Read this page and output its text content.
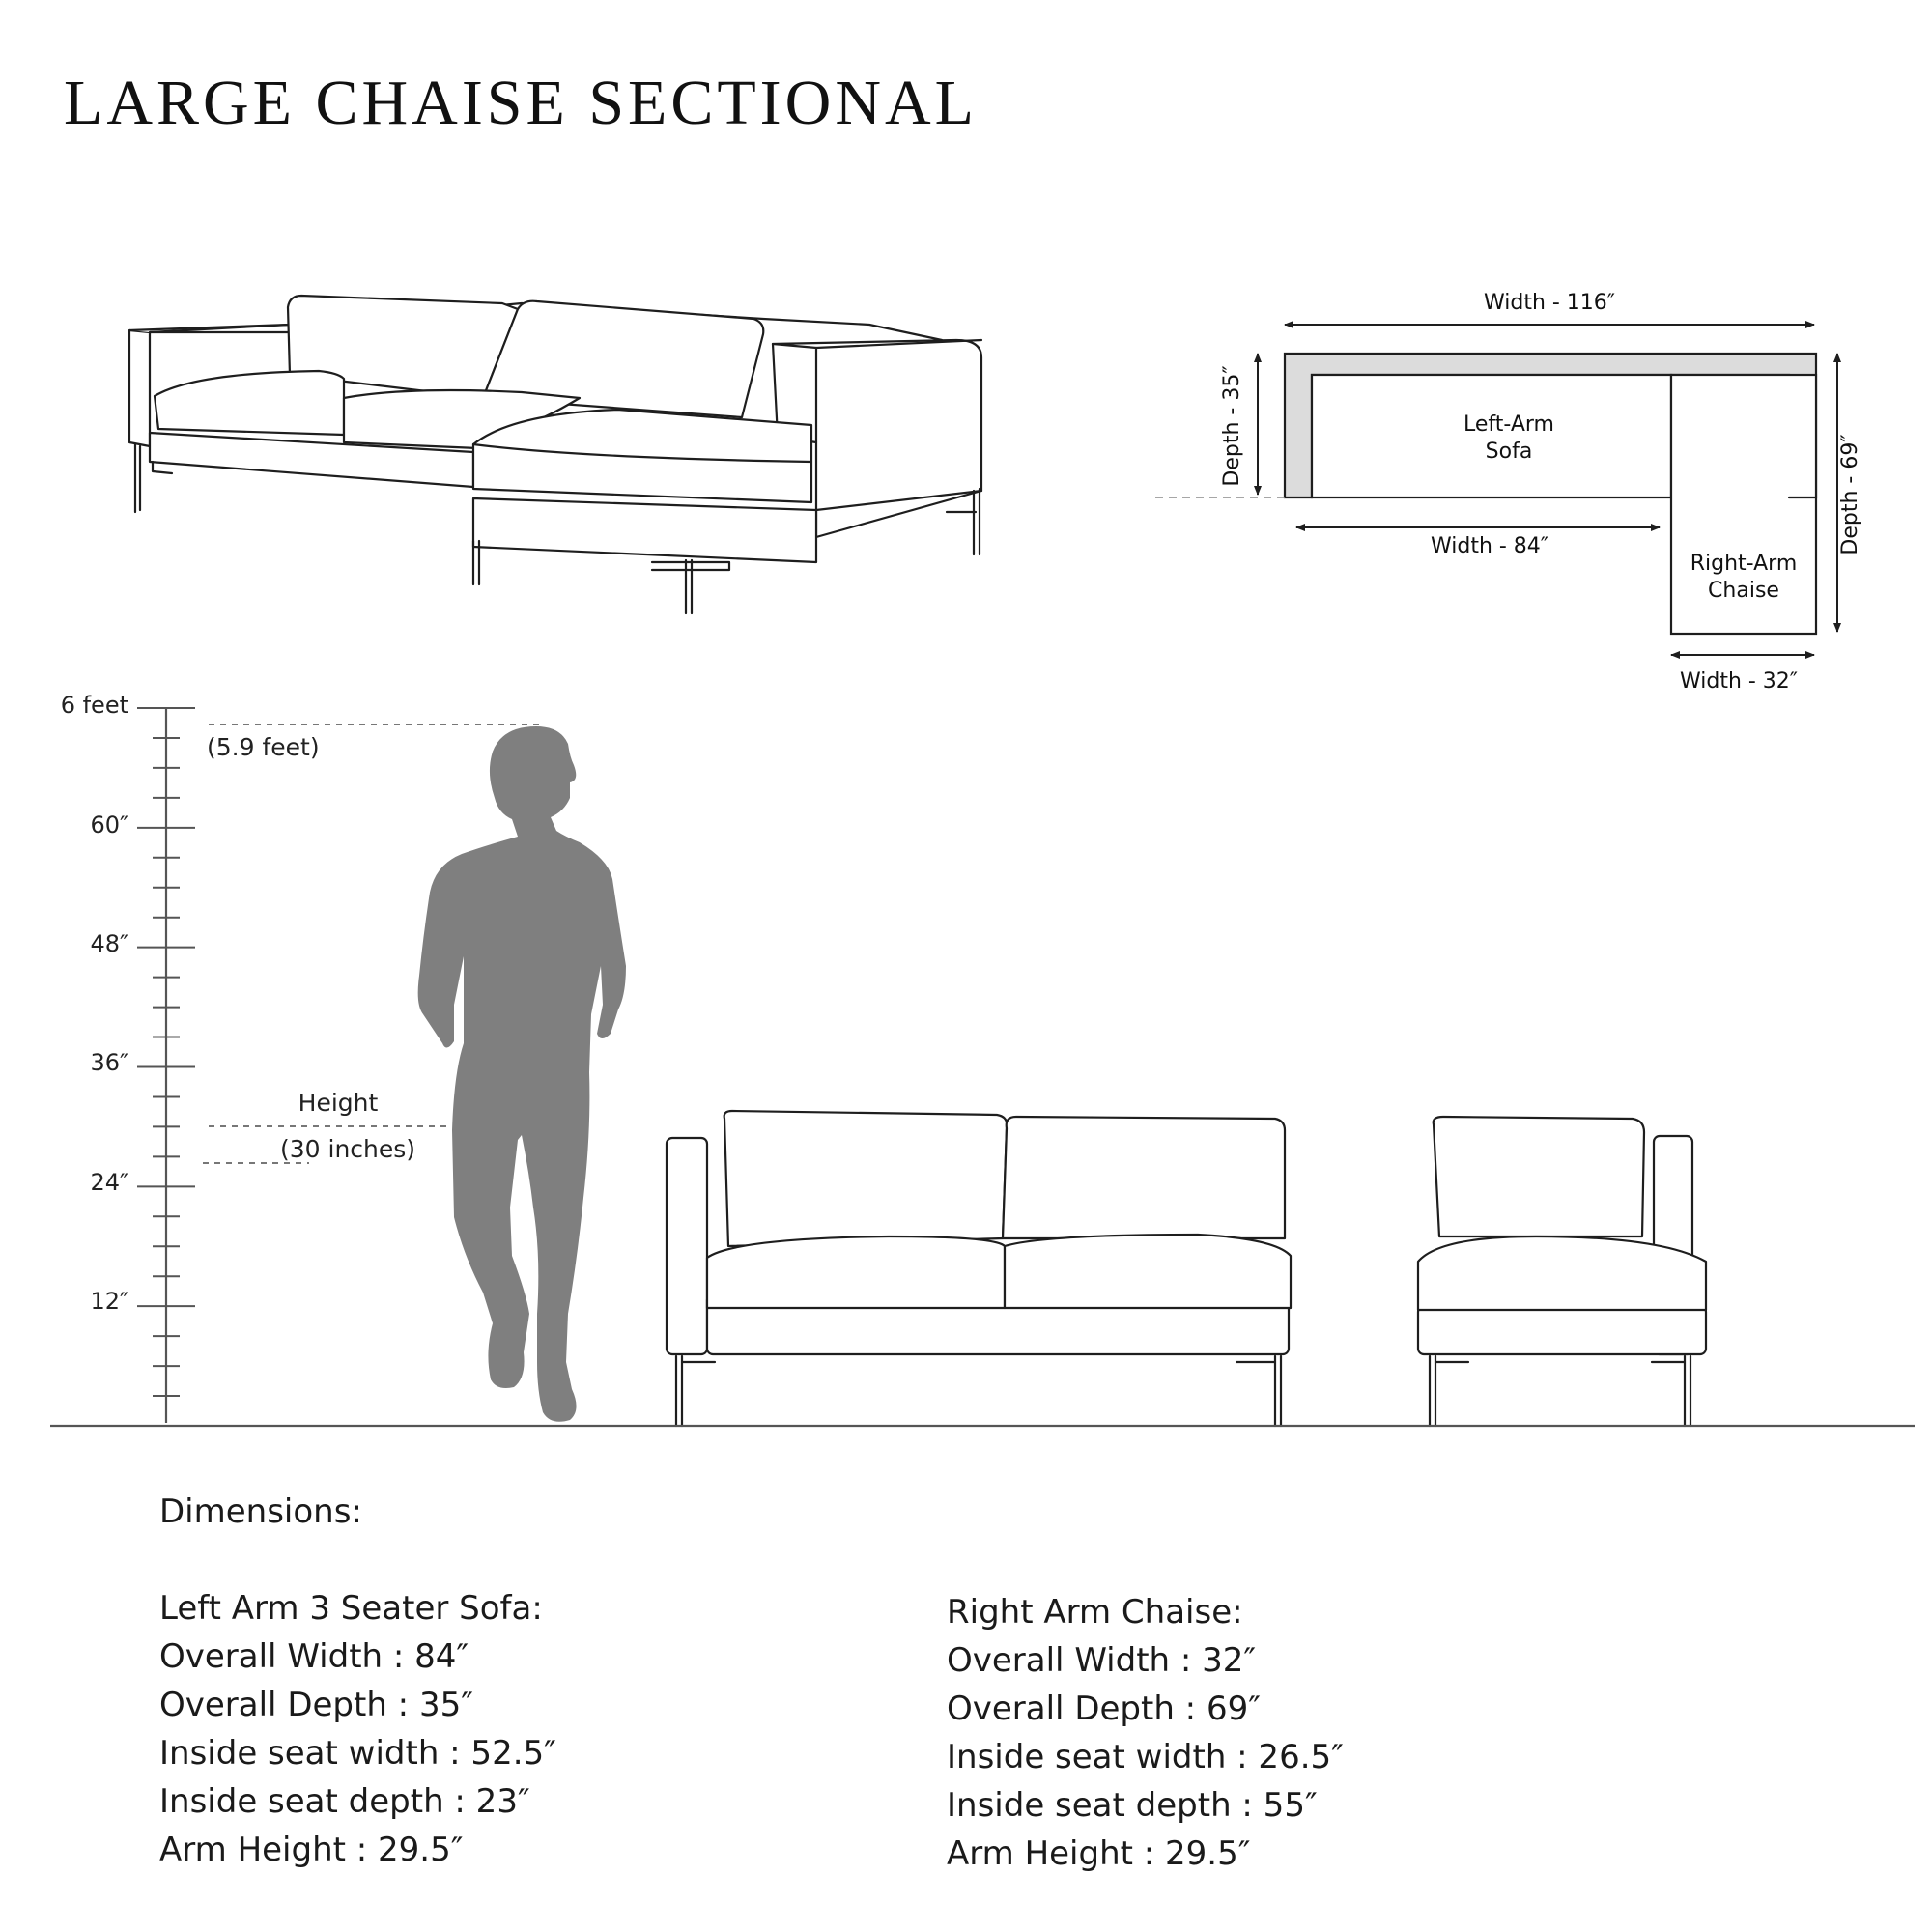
LARGE CHAISE SECTIONAL
Left-Arm
Sofa
Right-Arm
Chaise
Width - 116″
Depth - 35″
Depth - 69″
Width - 84″
Width - 32″
6 feet
60″
48″
36″
24″
12″
(5.9 feet)
Height
(30 inches)
Dimensions:
Left Arm 3 Seater Sofa:
Overall Width : 84″
Overall Depth : 35″
Inside seat width : 52.5″
Inside seat depth : 23″
Arm Height : 29.5″
Right Arm Chaise:
Overall Width : 32″
Overall Depth : 69″
Inside seat width : 26.5″
Inside seat depth : 55″
Arm Height : 29.5″
